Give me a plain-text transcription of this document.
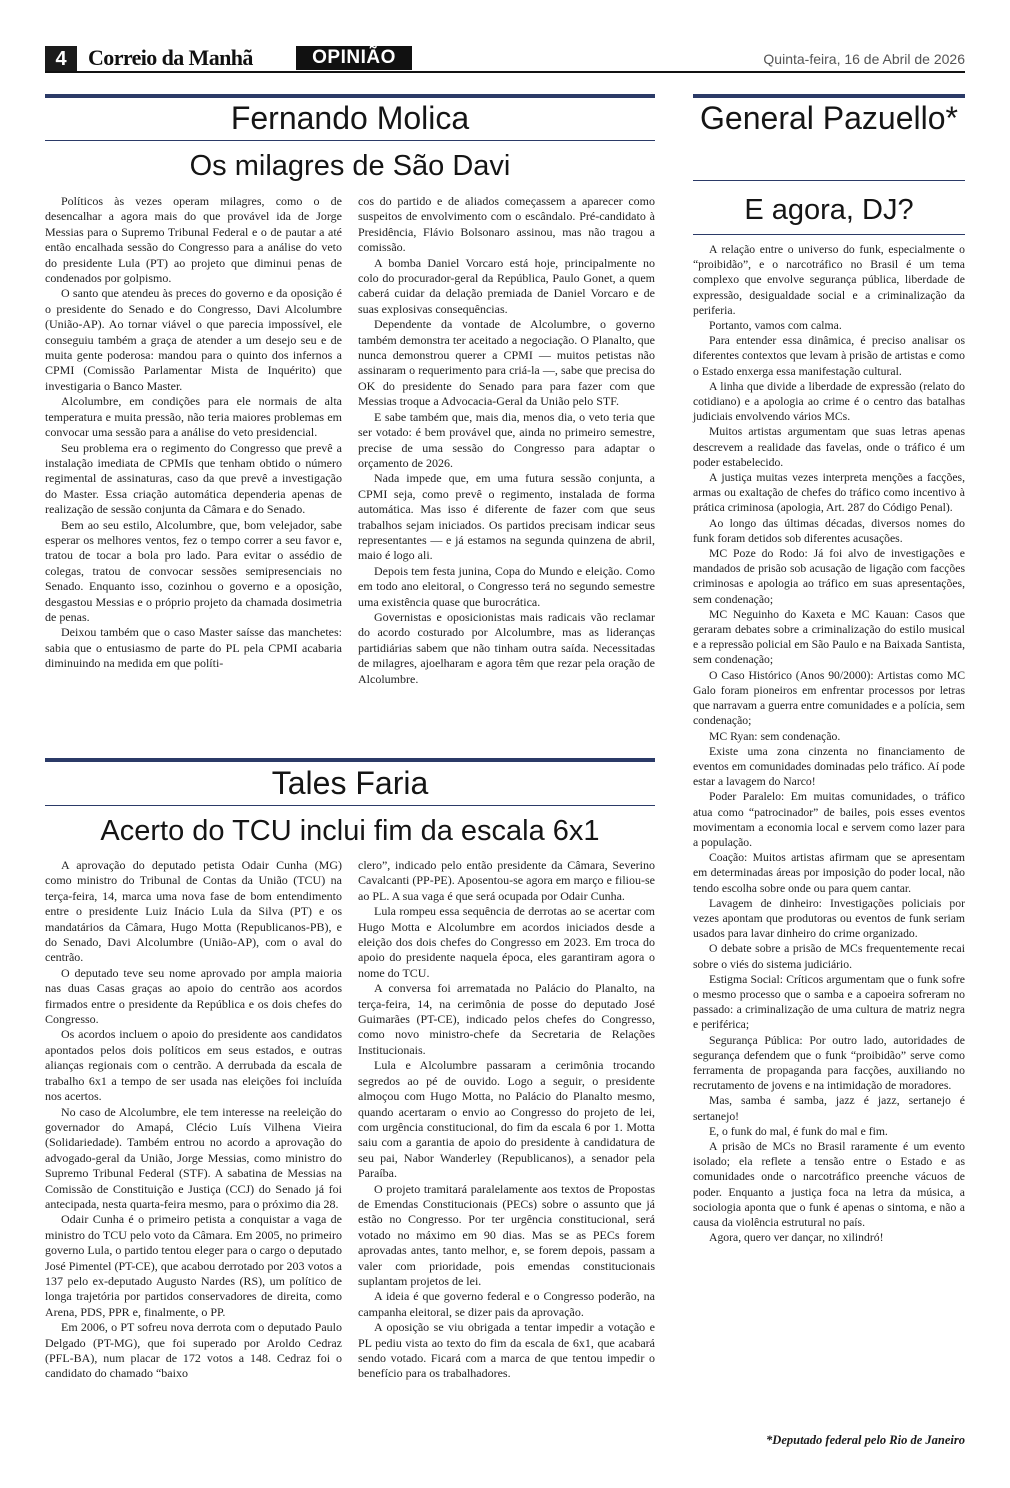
4 Correio da Manhã	OPINIÃO	Quinta-feira, 16 de Abril de 2026
Fernando Molica
Os milagres de São Davi

Políticos às vezes operam milagres, como o de desencalhar a agora mais do que provável ida de Jorge Messias para o Supremo Tribunal Federal e o de pautar a até então encalhada sessão do Congresso para a análise do veto do presidente Lula (PT) ao projeto que diminui penas de condenados por golpismo.

O santo que atendeu às preces do governo e da oposição é o presidente do Senado e do Congresso, Davi Alcolumbre (União-AP). Ao tornar viável o que parecia impossível, ele conseguiu também a graça de atender a um desejo seu e de muita gente poderosa: mandou para o quinto dos infernos a CPMI (Comissão Parlamentar Mista de Inquérito) que investigaria o Banco Master.

Alcolumbre, em condições para ele normais de alta temperatura e muita pressão, não teria maiores problemas em convocar uma sessão para a análise do veto presidencial.

Seu problema era o regimento do Congresso que prevê a instalação imediata de CPMIs que tenham obtido o número regimental de assinaturas, caso da que prevê a investigação do Master. Essa criação automática dependeria apenas de realização de sessão conjunta da Câmara e do Senado.

Bem ao seu estilo, Alcolumbre, que, bom velejador, sabe esperar os melhores ventos, fez o tempo correr a seu favor e, tratou de tocar a bola pro lado. Para evitar o assédio de colegas, tratou de convocar sessões semipresenciais no Senado. Enquanto isso, cozinhou o governo e a oposição, desgastou Messias e o próprio projeto da chamada dosimetria de penas.

Deixou também que o caso Master saísse das manchetes: sabia que o entusiasmo de parte do PL pela CPMI acabaria diminuindo na medida em que políti-

cos do partido e de aliados começassem a aparecer como suspeitos de envolvimento com o escândalo. Pré-candidato à Presidência, Flávio Bolsonaro assinou, mas não tragou a comissão.

A bomba Daniel Vorcaro está hoje, principalmente no colo do procurador-geral da República, Paulo Gonet, a quem caberá cuidar da delação premiada de Daniel Vorcaro e de suas explosivas consequências.

Dependente da vontade de Alcolumbre, o governo também demonstra ter aceitado a negociação. O Planalto, que nunca demonstrou querer a CPMI — muitos petistas não assinaram o requerimento para criá-la —, sabe que precisa do OK do presidente do Senado para para fazer com que Messias troque a Advocacia-Geral da União pelo STF.

E sabe também que, mais dia, menos dia, o veto teria que ser votado: é bem provável que, ainda no primeiro semestre, precise de uma sessão do Congresso para adaptar o orçamento de 2026.

Nada impede que, em uma futura sessão conjunta, a CPMI seja, como prevê o regimento, instalada de forma automática. Mas isso é diferente de fazer com que seus trabalhos sejam iniciados. Os partidos precisam indicar seus representantes — e já estamos na segunda quinzena de abril, maio é logo ali.

Depois tem festa junina, Copa do Mundo e eleição. Como em todo ano eleitoral, o Congresso terá no segundo semestre uma existência quase que burocrática.

Governistas e oposicionistas mais radicais vão reclamar do acordo costurado por Alcolumbre, mas as lideranças partidiárias sabem que não tinham outra saída. Necessitadas de milagres, ajoelharam e agora têm que rezar pela oração de Alcolumbre.

Tales Faria
Acerto do TCU inclui fim da escala 6x1

A aprovação do deputado petista Odair Cunha (MG) como ministro do Tribunal de Contas da União (TCU) na terça-feira, 14, marca uma nova fase de bom entendimento entre o presidente Luiz Inácio Lula da Silva (PT) e os mandatários da Câmara, Hugo Motta (Republicanos-PB), e do Senado, Davi Alcolumbre (União-AP), com o aval do centrão.

O deputado teve seu nome aprovado por ampla maioria nas duas Casas graças ao apoio do centrão aos acordos firmados entre o presidente da República e os dois chefes do Congresso.

Os acordos incluem o apoio do presidente aos candidatos apontados pelos dois políticos em seus estados, e outras alianças regionais com o centrão. A derrubada da escala de trabalho 6x1 a tempo de ser usada nas eleições foi incluída nos acertos.

No caso de Alcolumbre, ele tem interesse na reeleição do governador do Amapá, Clécio Luís Vilhena Vieira (Solidariedade). Também entrou no acordo a aprovação do advogado-geral da União, Jorge Messias, como ministro do Supremo Tribunal Federal (STF). A sabatina de Messias na Comissão de Constituição e Justiça (CCJ) do Senado já foi antecipada, nesta quarta-feira mesmo, para o próximo dia 28.

Odair Cunha é o primeiro petista a conquistar a vaga de ministro do TCU pelo voto da Câmara. Em 2005, no primeiro governo Lula, o partido tentou eleger para o cargo o deputado José Pimentel (PT-CE), que acabou derrotado por 203 votos a 137 pelo ex-deputado Augusto Nardes (RS), um político de longa trajetória por partidos conservadores de direita, como Arena, PDS, PPR e, finalmente, o PP.

Em 2006, o PT sofreu nova derrota com o deputado Paulo Delgado (PT-MG), que foi superado por Aroldo Cedraz (PFL-BA), num placar de 172 votos a 148. Cedraz foi o candidato do chamado “baixo

clero”, indicado pelo então presidente da Câmara, Severino Cavalcanti (PP-PE). Aposentou-se agora em março e filiou-se ao PL. A sua vaga é que será ocupada por Odair Cunha.

Lula rompeu essa sequência de derrotas ao se acertar com Hugo Motta e Alcolumbre em acordos iniciados desde a eleição dos dois chefes do Congresso em 2023. Em troca do apoio do presidente naquela época, eles garantiram agora o nome do TCU.

A conversa foi arrematada no Palácio do Planalto, na terça-feira, 14, na cerimônia de posse do deputado José Guimarães (PT-CE), indicado pelos chefes do Congresso, como novo ministro-chefe da Secretaria de Relações Institucionais.

Lula e Alcolumbre passaram a cerimônia trocando segredos ao pé de ouvido. Logo a seguir, o presidente almoçou com Hugo Motta, no Palácio do Planalto mesmo, quando acertaram o envio ao Congresso do projeto de lei, com urgência constitucional, do fim da escala 6 por 1. Motta saiu com a garantia de apoio do presidente à candidatura de seu pai, Nabor Wanderley (Republicanos), a senador pela Paraíba.

O projeto tramitará paralelamente aos textos de Propostas de Emendas Constitucionais (PECs) sobre o assunto que já estão no Congresso. Por ter urgência constitucional, será votado no máximo em 90 dias. Mas se as PECs forem aprovadas antes, tanto melhor, e, se forem depois, passam a valer com prioridade, pois emendas constitucionais suplantam projetos de lei.

A ideia é que governo federal e o Congresso poderão, na campanha eleitoral, se dizer pais da aprovação.

A oposição se viu obrigada a tentar impedir a votação e PL pediu vista ao texto do fim da escala de 6x1, que acabará sendo votado. Ficará com a marca de que tentou impedir o benefício para os trabalhadores.

General Pazuello*
E agora, DJ?

A relação entre o universo do funk, especialmente o “proibidão”, e o narcotráfico no Brasil é um tema complexo que envolve segurança pública, liberdade de expressão, desigualdade social e a criminalização da periferia.

Portanto, vamos com calma.

Para entender essa dinâmica, é preciso analisar os diferentes contextos que levam à prisão de artistas e como o Estado enxerga essa manifestação cultural.

A linha que divide a liberdade de expressão (relato do cotidiano) e a apologia ao crime é o centro das batalhas judiciais envolvendo vários MCs.

Muitos artistas argumentam que suas letras apenas descrevem a realidade das favelas, onde o tráfico é um poder estabelecido.

A justiça muitas vezes interpreta menções a facções, armas ou exaltação de chefes do tráfico como incentivo à prática criminosa (apologia, Art. 287 do Código Penal).

Ao longo das últimas décadas, diversos nomes do funk foram detidos sob diferentes acusações.

MC Poze do Rodo: Já foi alvo de investigações e mandados de prisão sob acusação de ligação com facções criminosas e apologia ao tráfico em suas apresentações, sem condenação;

MC Neguinho do Kaxeta e MC Kauan: Casos que geraram debates sobre a criminalização do estilo musical e a repressão policial em São Paulo e na Baixada Santista, sem condenação;

O Caso Histórico (Anos 90/2000): Artistas como MC Galo foram pioneiros em enfrentar processos por letras que narravam a guerra entre comunidades e a polícia, sem condenação;

MC Ryan: sem condenação.

Existe uma zona cinzenta no financiamento de eventos em comunidades dominadas pelo tráfico. Aí pode estar a lavagem do Narco!

Poder Paralelo: Em muitas comunidades, o tráfico atua como “patrocinador” de bailes, pois esses eventos movimentam a economia local e servem como lazer para a população.

Coação: Muitos artistas afirmam que se apresentam em determinadas áreas por imposição do poder local, não tendo escolha sobre onde ou para quem cantar.

Lavagem de dinheiro: Investigações policiais por vezes apontam que produtoras ou eventos de funk seriam usados para lavar dinheiro do crime organizado.

O debate sobre a prisão de MCs frequentemente recai sobre o viés do sistema judiciário.

Estigma Social: Críticos argumentam que o funk sofre o mesmo processo que o samba e a capoeira sofreram no passado: a criminalização de uma cultura de matriz negra e periférica;

Segurança Pública: Por outro lado, autoridades de segurança defendem que o funk “proibidão” serve como ferramenta de propaganda para facções, auxiliando no recrutamento de jovens e na intimidação de moradores.

Mas, samba é samba, jazz é jazz, sertanejo é sertanejo!

E, o funk do mal, é funk do mal e fim.

A prisão de MCs no Brasil raramente é um evento isolado; ela reflete a tensão entre o Estado e as comunidades onde o narcotráfico preenche vácuos de poder. Enquanto a justiça foca na letra da música, a sociologia aponta que o funk é apenas o sintoma, e não a causa da violência estrutural no país.

Agora, quero ver dançar, no xilindró!

*Deputado federal pelo Rio de Janeiro
